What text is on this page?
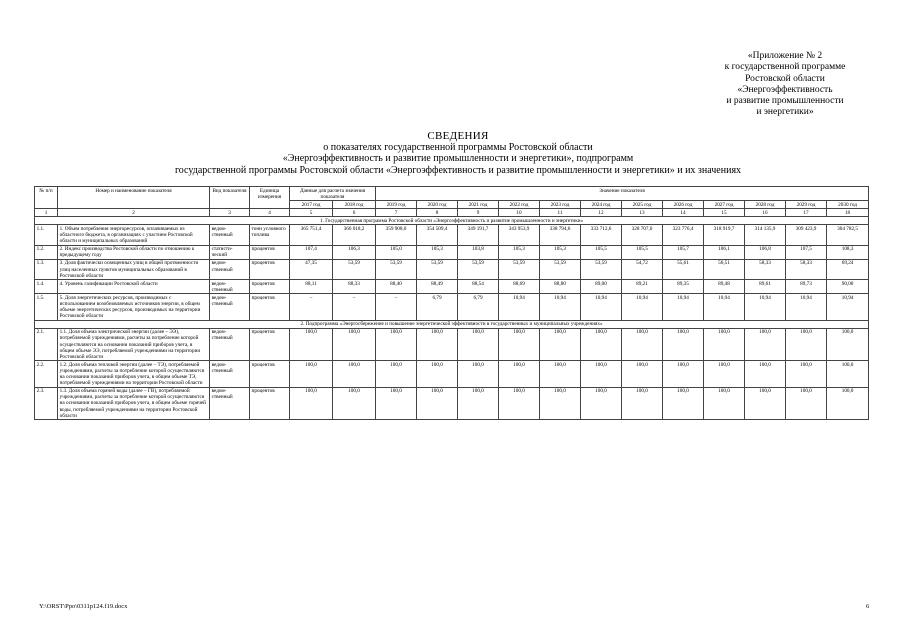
«Приложение № 2
к государственной программе
Ростовской области
«Энергоэффективность
и развитие промышленности
и энергетики»
СВЕДЕНИЯ
о показателях государственной программы Ростовской области
«Энергоэффективность и развитие промышленности и энергетики», подпрограмм
государственной программы Ростовской области «Энергоэффективность и развитие промышленности и энергетики» и их значениях
№ п/п	Номер и наименование показателя	Вид показателя	Единица измерения	Данные для расчета значения показателя		Значение показателя											
				2017 год	2018 год	2019 год	2020 год	2021 год	2022 год	2023 год	2024 год	2025 год	2026 год	2027 год	2028 год	2029 год	2030 год
1	2	3	4	5	6	7	8	9	10	11	12	13	14	15	16	17	18
1. Государственная программа Ростовской области «Энергоэффективность и развитие промышленности и энергетики»																	
1.1.	1. Объем потребления энергоресурсов, оплачиваемых из областного бюджета, в организациях с участием Ростовской области и муниципальных образований	ведом-ственный	тонн условного топлива	365 751,4	366 018,2	359 908,0	354 509,4	349 191,7	343 953,9	338 794,6	333 712,6	328 707,0	323 776,4	318 919,7	314 135,9	309 423,9	304 782,5
1.2.	2. Индекс производства Ростовской области по отношению к предыдущему году	статисти-ческий	процентов	107,4	106,3	105,0	105,3	103,8	105,3	105,3	105,5	105,5	105,7	106,1	106,8	107,5	108,3
1.3.	3. Доля фактически освещенных улиц в общей протяженности улиц населенных пунктов муниципальных образований в Ростовской области	ведом-ственный	процентов	47,35	53,59	53,59	53,59	53,59	53,59	53,59	53,59	54,72	55,61	56,51	58,33	58,33	69,24
1.4.	4. Уровень газификации Ростовской области	ведом-ственный	процентов	88,11	88,33	88,40	88,49	88,54	88,69	88,80	89,00	89,21	89,35	89,48	89,61	89,73	90,00
1.5.	5. Доля энергетических ресурсов, производимых с использованием возобновляемых источников энергии, в общем объеме энергетических ресурсов, производимых на территории Ростовской области	ведом-ственный	процентов	–	–	–	6,79	6,79	10,94	10,94	10,94	10,94	10,94	10,94	10,94	10,94	10,94
2. Подпрограмма «Энергосбережение и повышение энергетической эффективности в государственных и муниципальных учреждениях»																	
2.1.	1.1. Доля объема электрической энергии (далее – ЭЭ), потребляемой учреждениями, расчеты за потребление которой осуществляются на основании показаний приборов учета, в общем объеме ЭЭ, потребляемой учреждениями на территории Ростовской области	ведом-ственный	процентов	100,0	100,0	100,0	100,0	100,0	100,0	100,0	100,0	100,0	100,0	100,0	100,0	100,0	100,0
2.2.	1.2. Доля объема тепловой энергии (далее – ТЭ), потребляемой учреждениями, расчеты за потребление которой осуществляются на основании показаний приборов учета, в общем объеме ТЭ, потребляемой учреждениями на территории Ростовской области	ведом-ственный	процентов	100,0	100,0	100,0	100,0	100,0	100,0	100,0	100,0	100,0	100,0	100,0	100,0	100,0	100,0
2.3.	1.3. Доля объема горячей воды (далее – ГВ), потребляемой учреждениями, расчеты за потребление которой осуществляются на основании показаний приборов учета, в общем объеме горячей воды, потребляемой учреждениями на территории Ростовской области	ведом-ственный	процентов	100,0	100,0	100,0	100,0	100,0	100,0	100,0	100,0	100,0	100,0	100,0	100,0	100,0	100,0
Y:\ORST\Ppo\0311p124.f19.docx	6
